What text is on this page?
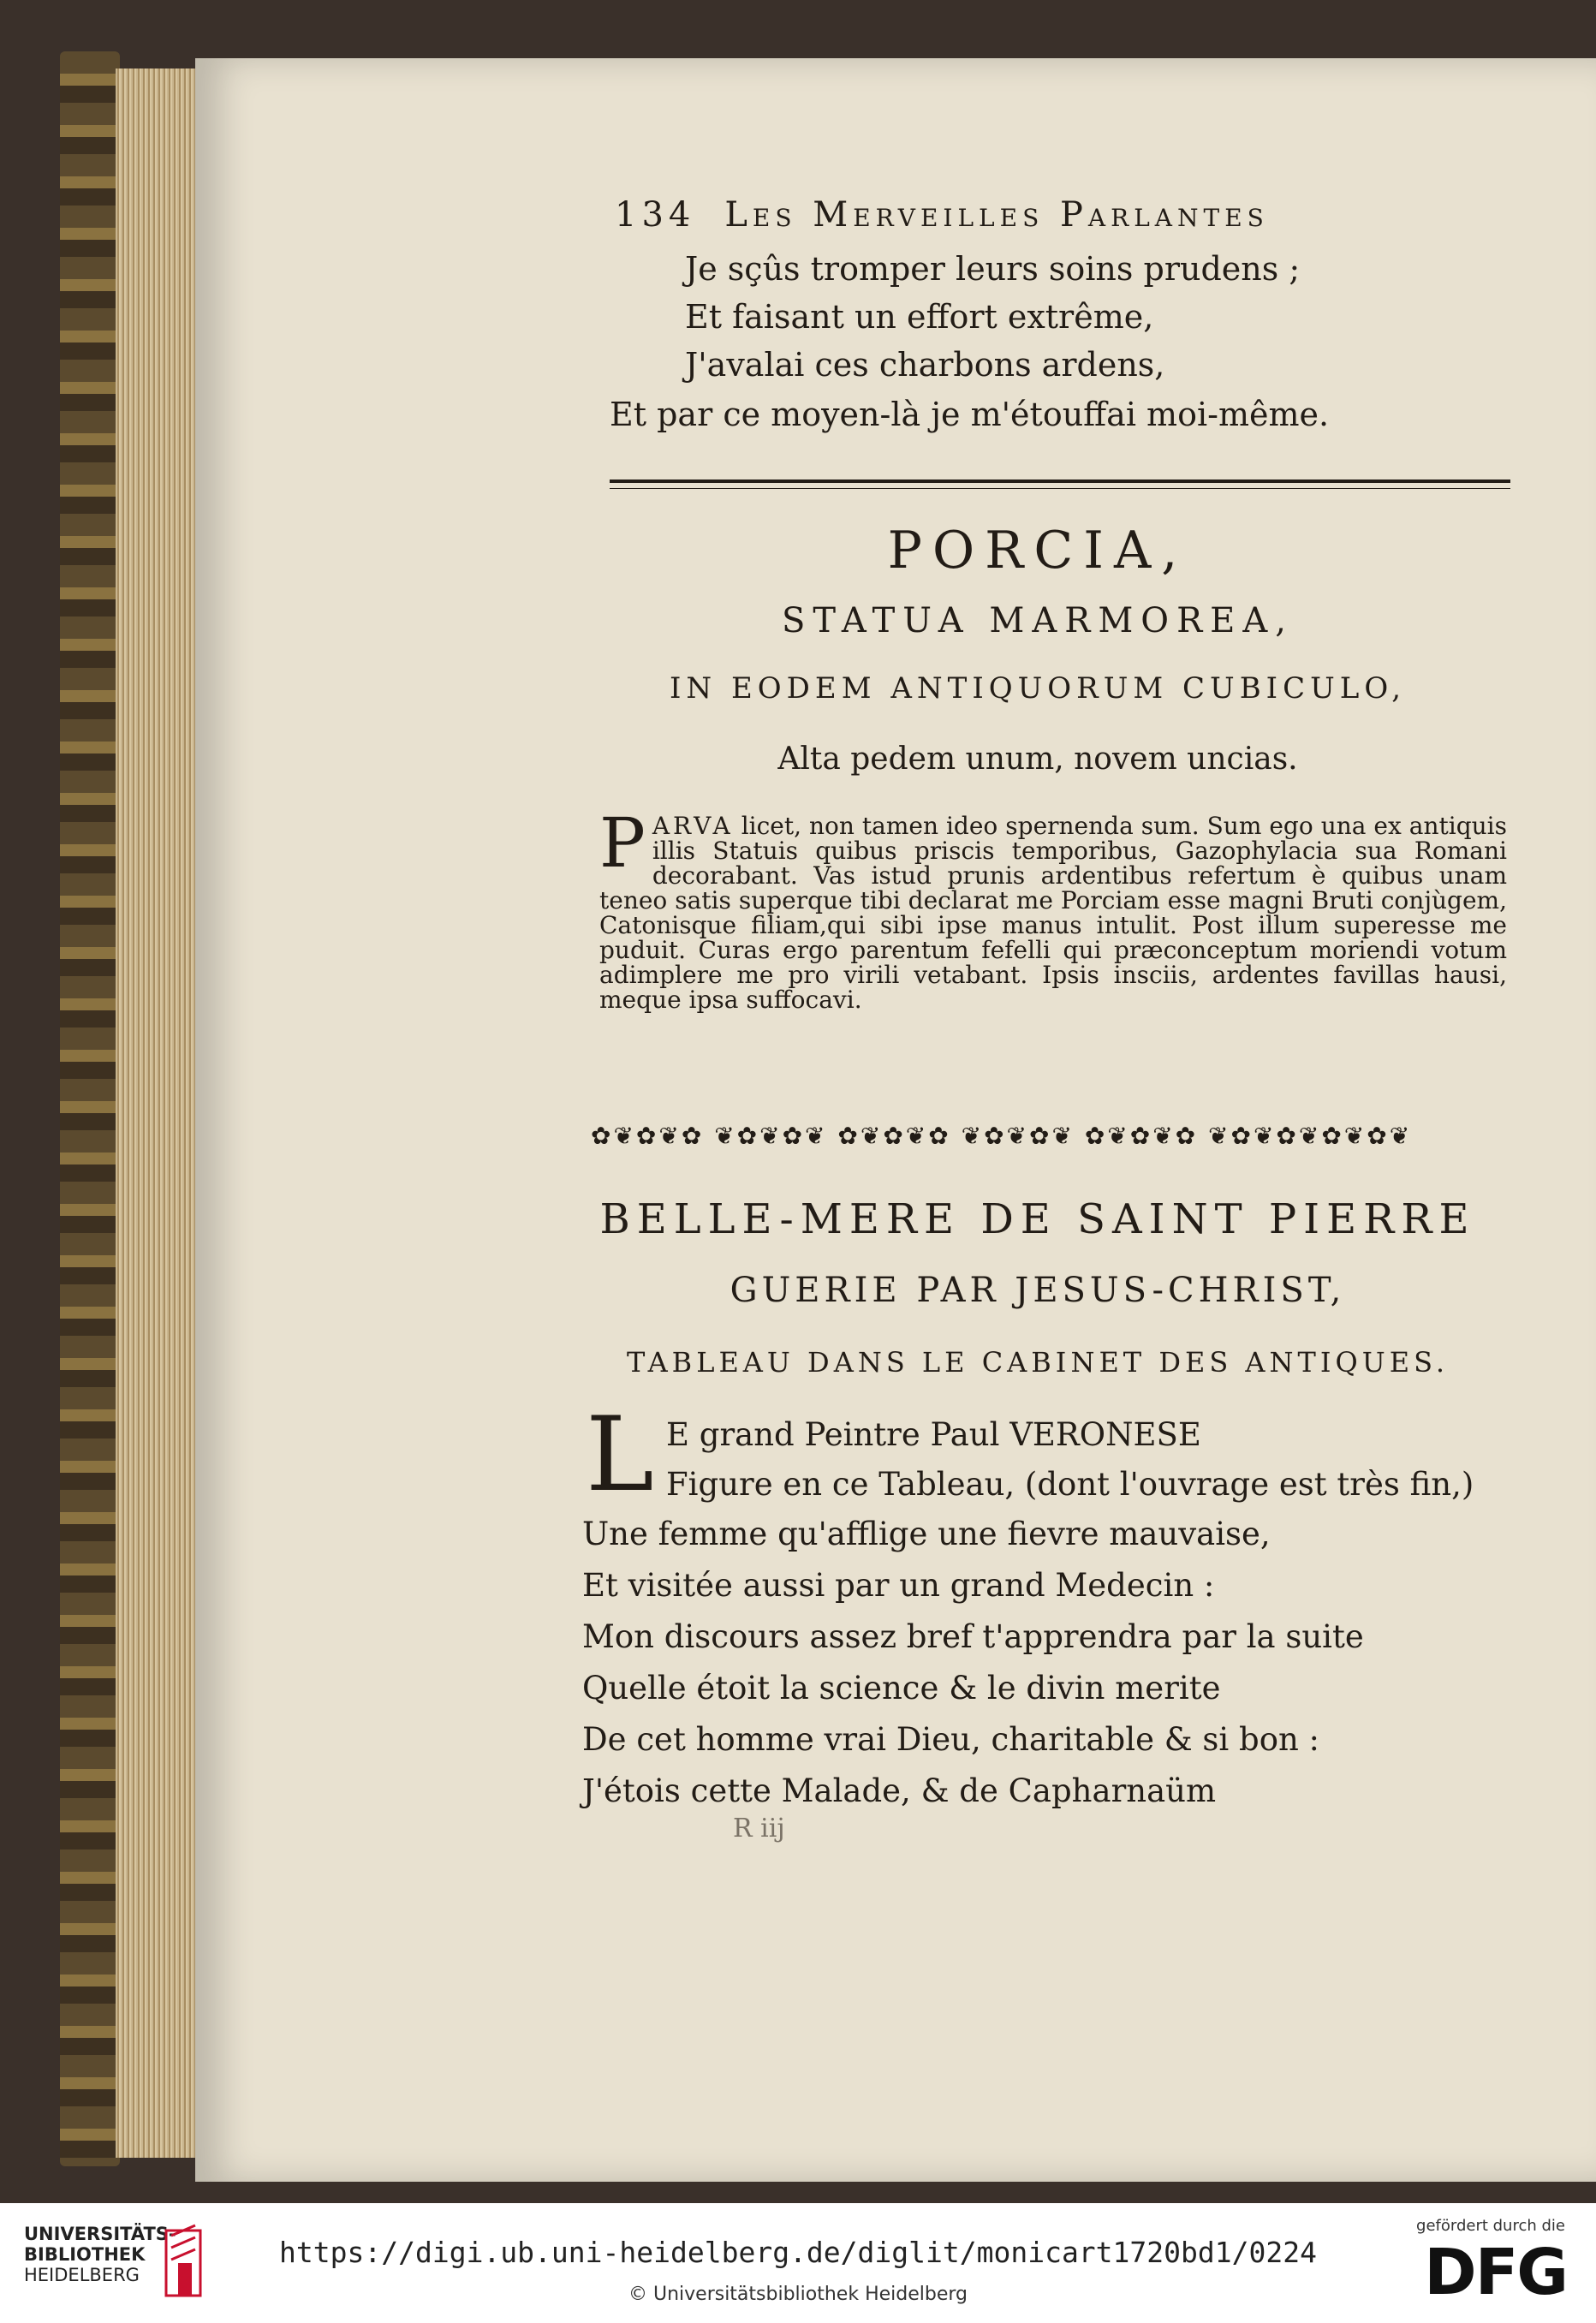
134 Les Merveilles Parlantes
Je sçûs tromper leurs soins prudens ;
Et faisant un effort extrême,
J'avalai ces charbons ardens,
Et par ce moyen-là je m'étouffai moi-même.
PORCIA,
STATUA MARMOREA,
IN EODEM ANTIQUORUM CUBICULO,
Alta pedem unum, novem uncias.
PARVA licet, non tamen ideo spernenda sum. Sum ego una ex antiquis illis Statuis quibus priscis temporibus, Gazophylacia sua Romani decorabant. Vas istud prunis ardentibus refertum è quibus unam teneo satis superque tibi declarat me Porciam esse magni Bruti conjùgem, Catonisque filiam,qui sibi ipse manus intulit. Post illum superesse me puduit. Curas ergo parentum fefelli qui præconceptum moriendi votum adimplere me pro virili vetabant. Ipsis insciis, ardentes favillas hausi, meque ipsa suffocavi.
✿❦✿❦✿ ❦✿❦✿❦ ✿❦✿❦✿ ❦✿❦✿❦ ✿❦✿❦✿ ❦✿❦✿❦✿❦✿❦
BELLE-MERE DE SAINT PIERRE
GUERIE PAR JESUS-CHRIST,
TABLEAU DANS LE CABINET DES ANTIQUES.
L E grand Peintre Paul VERONESE
Figure en ce Tableau, (dont l'ouvrage est très fin,)
Une femme qu'afflige une fievre mauvaise,
Et visitée aussi par un grand Medecin :
Mon discours assez bref t'apprendra par la suite
Quelle étoit la science & le divin merite
De cet homme vrai Dieu, charitable & si bon :
J'étois cette Malade, & de Capharnaüm
R iij
UNIVERSITÄTS-
BIBLIOTHEK
HEIDELBERG
https://digi.ub.uni-heidelberg.de/diglit/monicart1720bd1/0224
© Universitätsbibliothek Heidelberg
gefördert durch die
DFG
